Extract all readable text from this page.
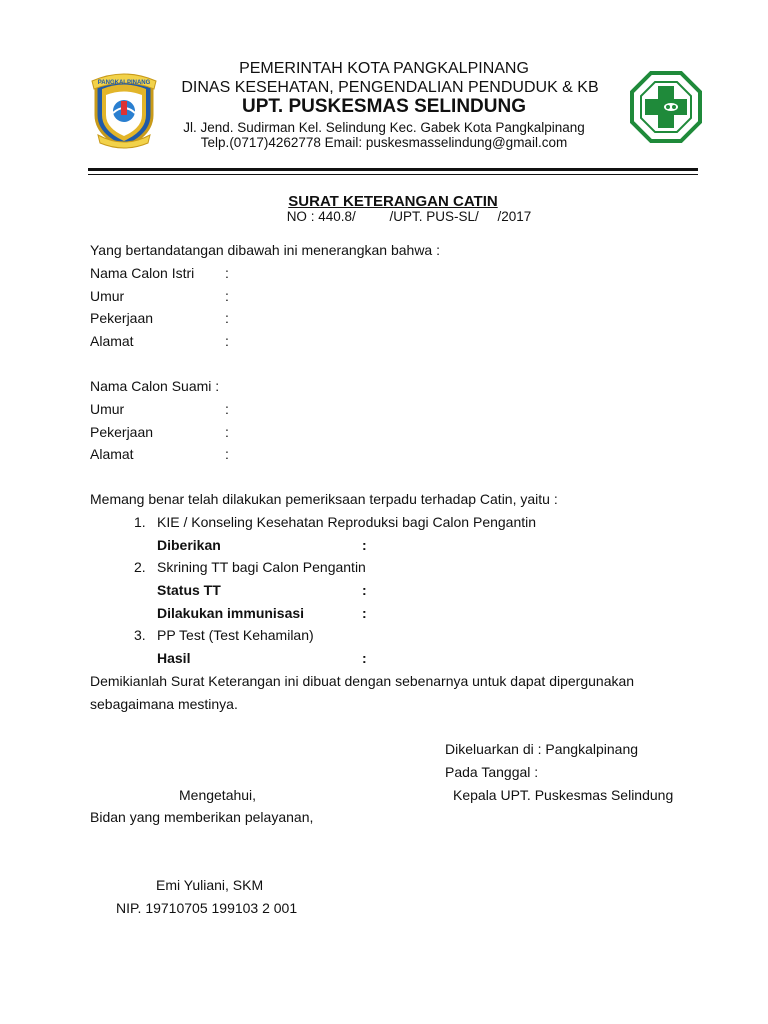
PANGKALPINANG
PEMERINTAH KOTA PANGKALPINANG
DINAS KESEHATAN, PENGENDALIAN PENDUDUK & KB
UPT. PUSKESMAS SELINDUNG
Jl. Jend. Sudirman Kel. Selindung Kec. Gabek Kota Pangkalpinang
Telp.(0717)4262778 Email: puskesmasselindung@gmail.com
SURAT KETERANGAN CATIN
NO : 440.8/         /UPT. PUS-SL/     /2017
Yang bertandatangan dibawah ini menerangkan bahwa :
Nama Calon Istri :
Umur	:
Pekerjaan	:
Alamat	:
Nama Calon Suami :
Umur	:
Pekerjaan	:
Alamat	:
Memang benar telah dilakukan pemeriksaan terpadu terhadap Catin, yaitu :
1. KIE / Konseling Kesehatan Reproduksi bagi Calon Pengantin
Diberikan	:
2. Skrining TT bagi Calon Pengantin
Status TT	:
Dilakukan immunisasi	:
3. PP Test (Test Kehamilan)
Hasil	:
Demikianlah Surat Keterangan ini dibuat dengan sebenarnya untuk dapat dipergunakan
sebagaimana mestinya.
Dikeluarkan di : Pangkalpinang
Pada Tanggal :
Mengetahui,	Kepala UPT. Puskesmas Selindung
Bidan yang memberikan pelayanan,
Emi Yuliani, SKM
NIP. 19710705 199103 2 001
